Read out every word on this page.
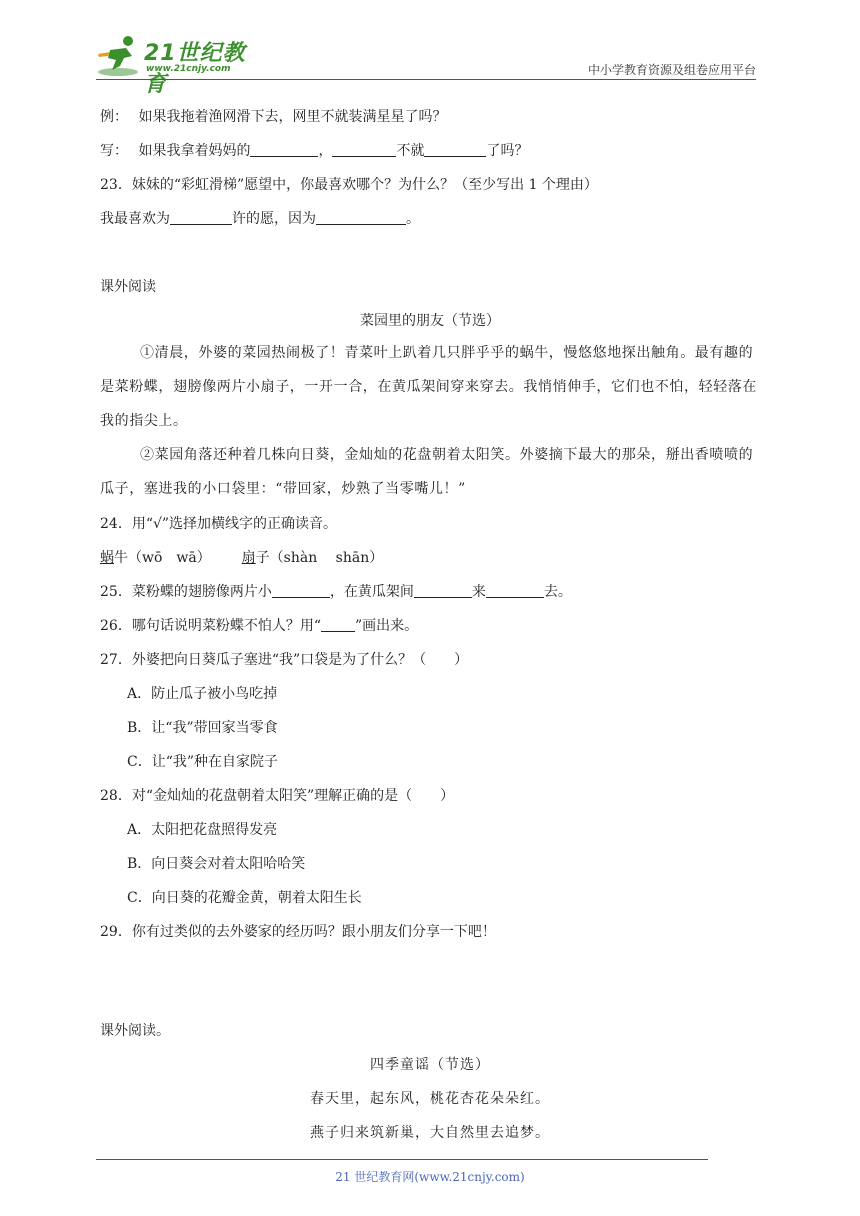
21世纪教育
www.21cnjy.com	中小学教育资源及组卷应用平台
例： 如果我拖着渔网滑下去，网里不就装满星星了吗？
写： 如果我拿着妈妈的	，	不就	了吗？
23．妹妹的“彩虹滑梯”愿望中，你最喜欢哪个？为什么？（至少写出 1 个理由）
我最喜欢为	许的愿，因为	。
课外阅读
菜园里的朋友（节选）
①清晨，外婆的菜园热闹极了！青菜叶上趴着几只胖乎乎的蜗牛，慢悠悠地探出触角。最有趣的是菜粉蝶，翅膀像两片小扇子，一开一合，在黄瓜架间穿来穿去。我悄悄伸手，它们也不怕，轻轻落在我的指尖上。
②菜园角落还种着几株向日葵，金灿灿的花盘朝着太阳笑。外婆摘下最大的那朵，掰出香喷喷的瓜子，塞进我的小口袋里：“带回家，炒熟了当零嘴儿！”
24．用“√”选择加横线字的正确读音。
蜗牛（wō　wā） 扇子（shàn　 shān）
25．菜粉蝶的翅膀像两片小	，在黄瓜架间	来	去。
26．哪句话说明菜粉蝶不怕人？用“ ”画出来。
27．外婆把向日葵瓜子塞进“我”口袋是为了什么？（　　）
A．防止瓜子被小鸟吃掉
B．让“我”带回家当零食
C．让“我”种在自家院子
28．对“金灿灿的花盘朝着太阳笑”理解正确的是（　　）
A．太阳把花盘照得发亮
B．向日葵会对着太阳哈哈笑
C．向日葵的花瓣金黄，朝着太阳生长
29．你有过类似的去外婆家的经历吗？跟小朋友们分享一下吧！
课外阅读。
四季童谣（节选）
春天里，起东风，桃花杏花朵朵红。
燕子归来筑新巢，大自然里去追梦。
21 世纪教育网(www.21cnjy.com)
